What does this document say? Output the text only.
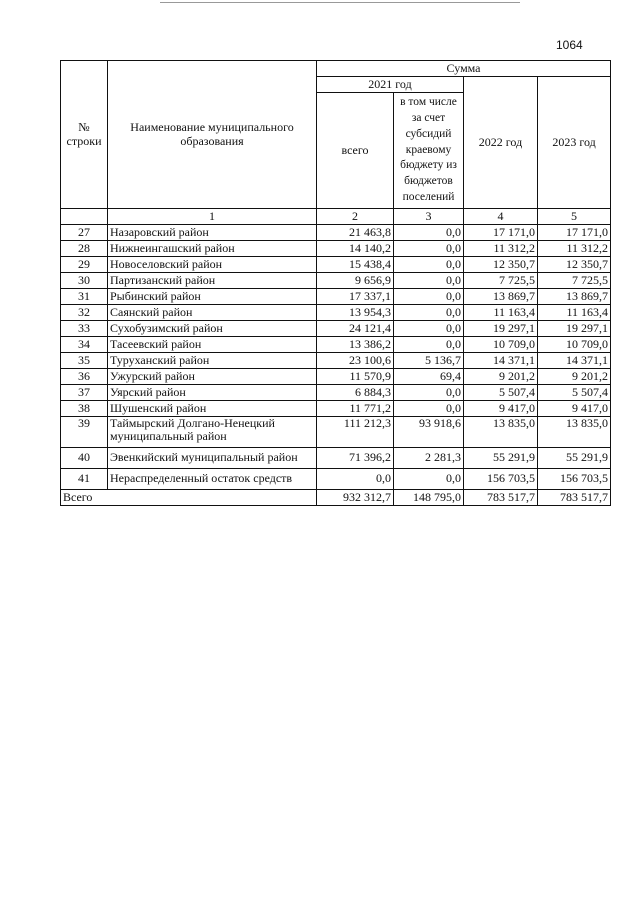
1064
№ строки	Наименование муниципального образования	Сумма			
		2021 год		2022 год	2023 год
		всего	в том числе за счет субсидий краевому бюджету из бюджетов поселений		
	1	2	3	4	5
27	Назаровский район	21 463,8	0,0	17 171,0	17 171,0
28	Нижнеингашский район	14 140,2	0,0	11 312,2	11 312,2
29	Новоселовский район	15 438,4	0,0	12 350,7	12 350,7
30	Партизанский район	9 656,9	0,0	7 725,5	7 725,5
31	Рыбинский район	17 337,1	0,0	13 869,7	13 869,7
32	Саянский район	13 954,3	0,0	11 163,4	11 163,4
33	Сухобузимский район	24 121,4	0,0	19 297,1	19 297,1
34	Тасеевский район	13 386,2	0,0	10 709,0	10 709,0
35	Туруханский район	23 100,6	5 136,7	14 371,1	14 371,1
36	Ужурский район	11 570,9	69,4	9 201,2	9 201,2
37	Уярский район	6 884,3	0,0	5 507,4	5 507,4
38	Шушенский район	11 771,2	0,0	9 417,0	9 417,0
39	Таймырский Долгано-Ненецкий муниципальный район	111 212,3	93 918,6	13 835,0	13 835,0
40	Эвенкийский муниципальный район	71 396,2	2 281,3	55 291,9	55 291,9
41	Нераспределенный остаток средств	0,0	0,0	156 703,5	156 703,5
Всего		932 312,7	148 795,0	783 517,7	783 517,7
